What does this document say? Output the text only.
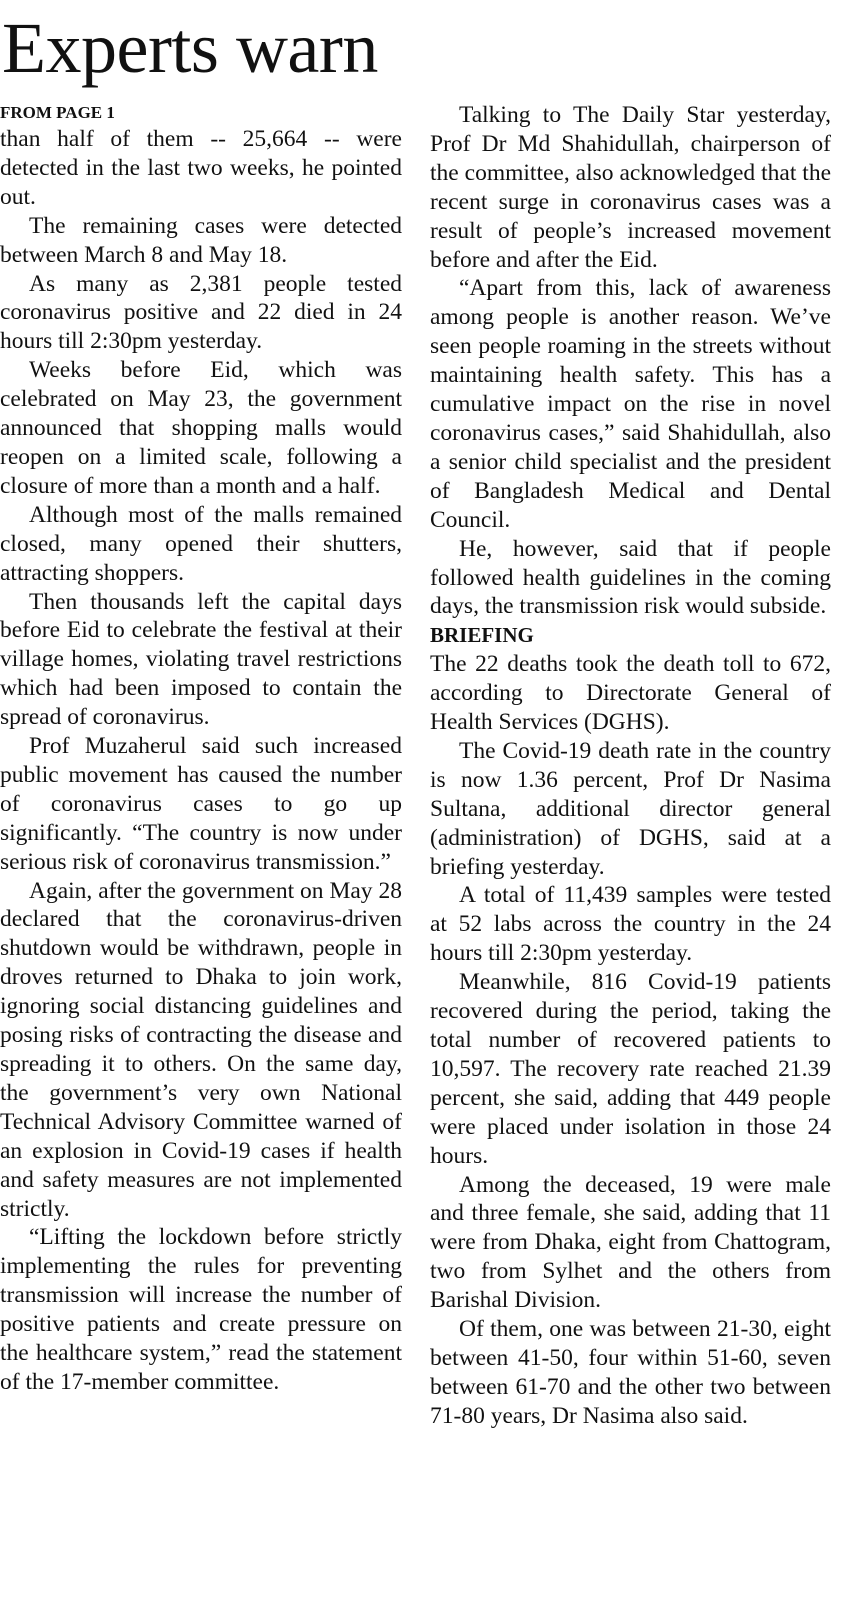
Experts warn
FROM PAGE 1

than half of them -- 25,664 -- were detected in the last two weeks, he pointed out.

The remaining cases were detected between March 8 and May 18.

As many as 2,381 people tested coronavirus positive and 22 died in 24 hours till 2:30pm yesterday.

Weeks before Eid, which was celebrated on May 23, the government announced that shopping malls would reopen on a limited scale, following a closure of more than a month and a half.

Although most of the malls remained closed, many opened their shutters, attracting shoppers.

Then thousands left the capital days before Eid to celebrate the festival at their village homes, violating travel restrictions which had been imposed to contain the spread of coronavirus.

Prof Muzaherul said such increased public movement has caused the number of coronavirus cases to go up significantly. “The country is now under serious risk of coronavirus transmission.”

Again, after the government on May 28 declared that the coronavirus-driven shutdown would be withdrawn, people in droves returned to Dhaka to join work, ignoring social distancing guidelines and posing risks of contracting the disease and spreading it to others. On the same day, the government’s very own National Technical Advisory Committee warned of an explosion in Covid-19 cases if health and safety measures are not implemented strictly.

“Lifting the lockdown before strictly implementing the rules for preventing transmission will increase the number of positive patients and create pressure on the healthcare system,” read the statement of the 17-member committee.

Talking to The Daily Star yesterday, Prof Dr Md Shahidullah, chairperson of the committee, also acknowledged that the recent surge in coronavirus cases was a result of people’s increased movement before and after the Eid.

“Apart from this, lack of awareness among people is another reason. We’ve seen people roaming in the streets without maintaining health safety. This has a cumulative impact on the rise in novel coronavirus cases,” said Shahidullah, also a senior child specialist and the president of Bangladesh Medical and Dental Council.

He, however, said that if people followed health guidelines in the coming days, the transmission risk would subside.

BRIEFING

The 22 deaths took the death toll to 672, according to Directorate General of Health Services (DGHS).

The Covid-19 death rate in the country is now 1.36 percent, Prof Dr Nasima Sultana, additional director general (administration) of DGHS, said at a briefing yesterday.

A total of 11,439 samples were tested at 52 labs across the country in the 24 hours till 2:30pm yesterday.

Meanwhile, 816 Covid-19 patients recovered during the period, taking the total number of recovered patients to 10,597. The recovery rate reached 21.39 percent, she said, adding that 449 people were placed under isolation in those 24 hours.

Among the deceased, 19 were male and three female, she said, adding that 11 were from Dhaka, eight from Chattogram, two from Sylhet and the others from Barishal Division.

Of them, one was between 21-30, eight between 41-50, four within 51-60, seven between 61-70 and the other two between 71-80 years, Dr Nasima also said.
